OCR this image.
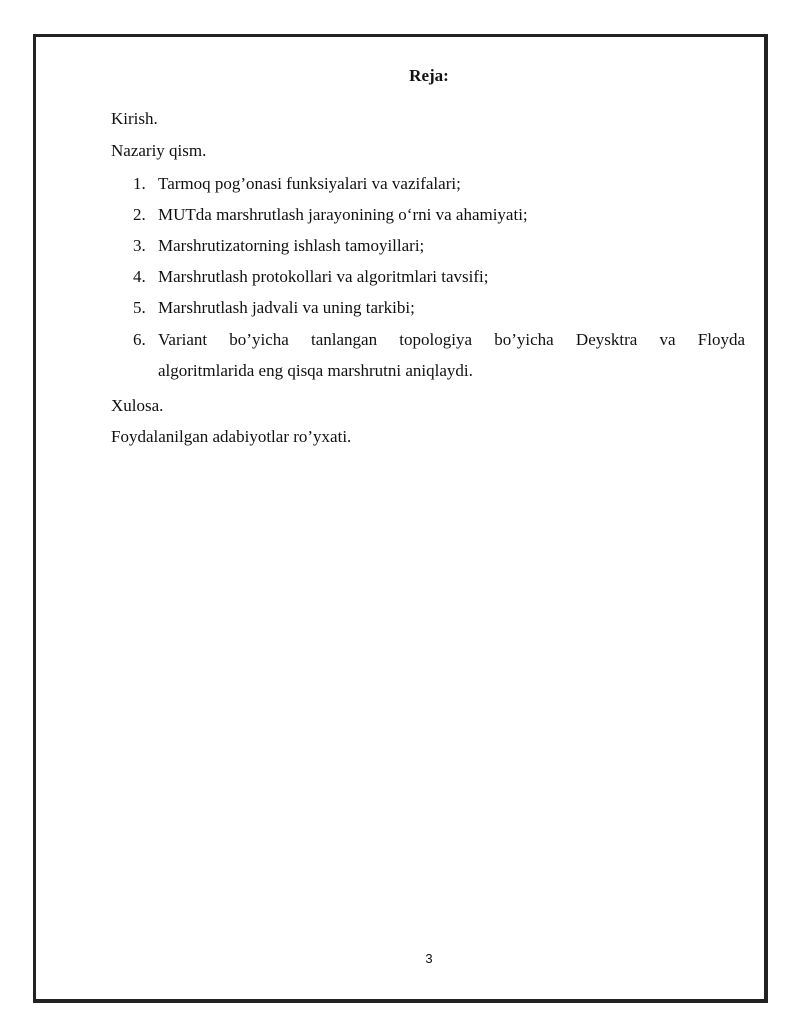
Reja:
Kirish.
Nazariy qism.
1. Tarmoq pog’onasi funksiyalari va vazifalari;
2. MUTda marshrutlash jarayonining o‘rni va ahamiyati;
3. Marshrutizatorning ishlash tamoyillari;
4. Marshrutlash protokollari va algoritmlari tavsifi;
5. Marshrutlash jadvali va uning tarkibi;
6. Variant bo’yicha tanlangan topologiya bo’yicha Deysktra va Floyda
algoritmlarida eng qisqa marshrutni aniqlaydi.
Xulosa.
Foydalanilgan adabiyotlar ro’yxati.
3
